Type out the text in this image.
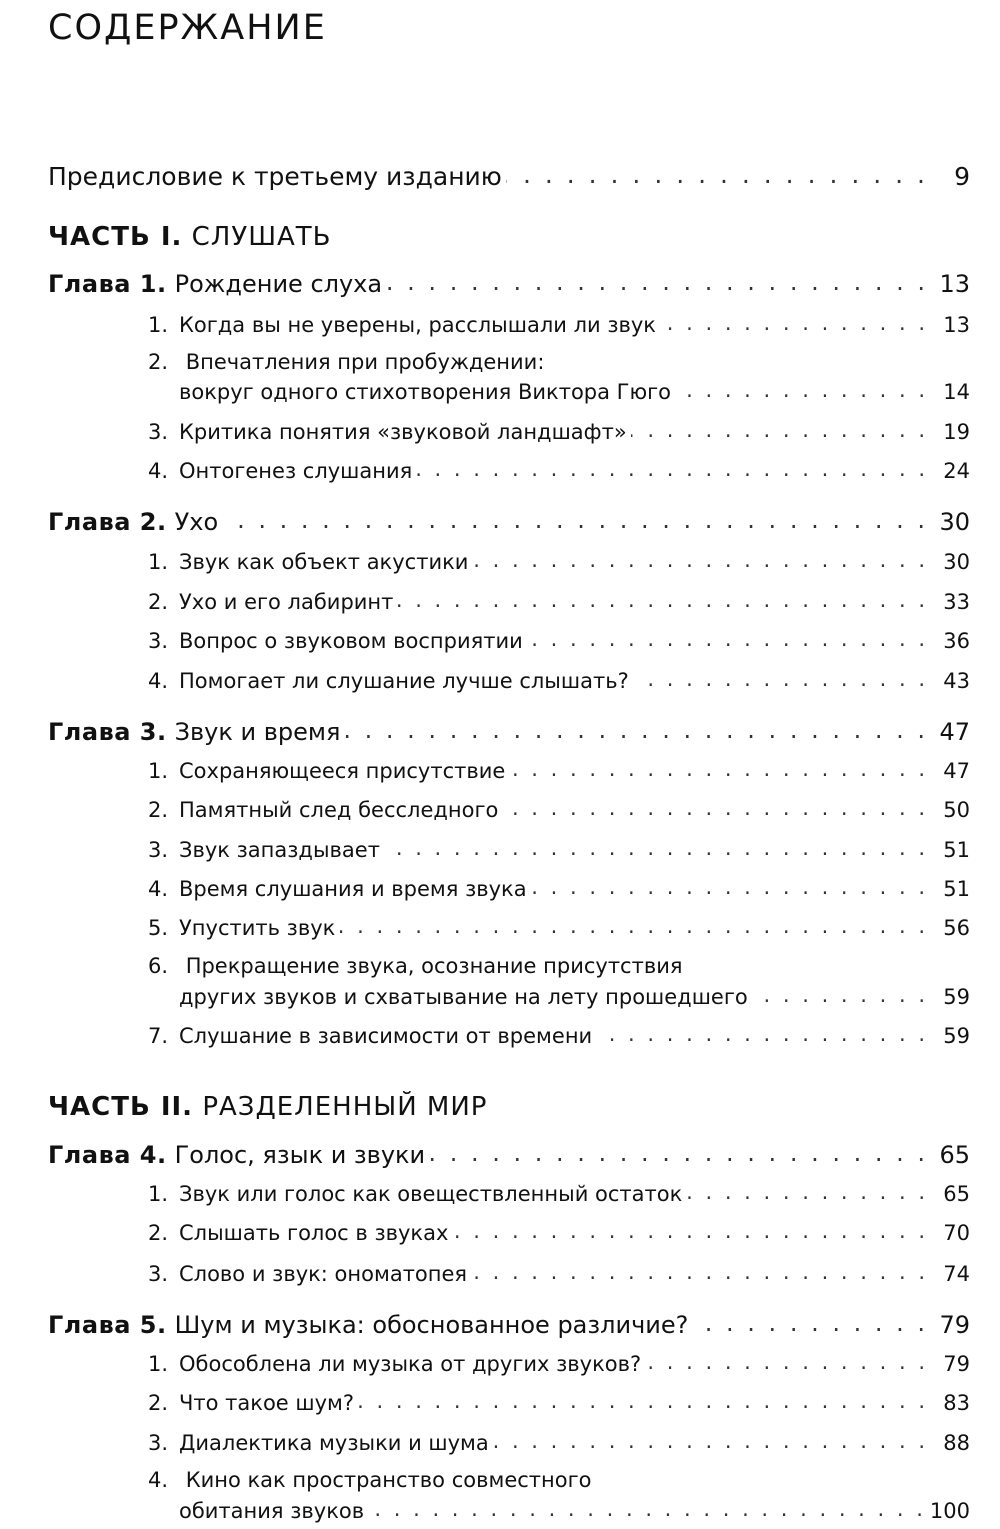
СОДЕРЖАНИЕ
Предисловие к третьему изданию . .	9
ЧАСТЬ I. СЛУШАТЬ
Глава 1. Рождение слуха . .	13
1. Когда вы не уверены, расслышали ли звук . .	13
2. Впечатления при пробуждении:
вокруг одного стихотворения Виктора Гюго . .	14
3. Критика понятия «звуковой ландшафт» . .	19
4. Онтогенез слушания . .	24
Глава 2. Ухо . .	30
1. Звук как объект акустики . .	30
2. Ухо и его лабиринт . .	33
3. Вопрос о звуковом восприятии . .	36
4. Помогает ли слушание лучше слышать? . .	43
Глава 3. Звук и время . .	47
1. Сохраняющееся присутствие . .	47
2. Памятный след бесследного . .	50
3. Звук запаздывает . .	51
4. Время слушания и время звука . .	51
5. Упустить звук . .	56
6. Прекращение звука, осознание присутствия
других звуков и схватывание на лету прошедшего . .	59
7. Слушание в зависимости от времени . .	59
ЧАСТЬ II. РАЗДЕЛЕННЫЙ МИР
Глава 4. Голос, язык и звуки . .	65
1. Звук или голос как овеществленный остаток . .	65
2. Слышать голос в звуках . .	70
3. Слово и звук: ономатопея . .	74
Глава 5. Шум и музыка: обоснованное различие? . .	79
1. Обособлена ли музыка от других звуков? . .	79
2. Что такое шум? . .	83
3. Диалектика музыки и шума . .	88
4. Кино как пространство совместного
обитания звуков . .	100
